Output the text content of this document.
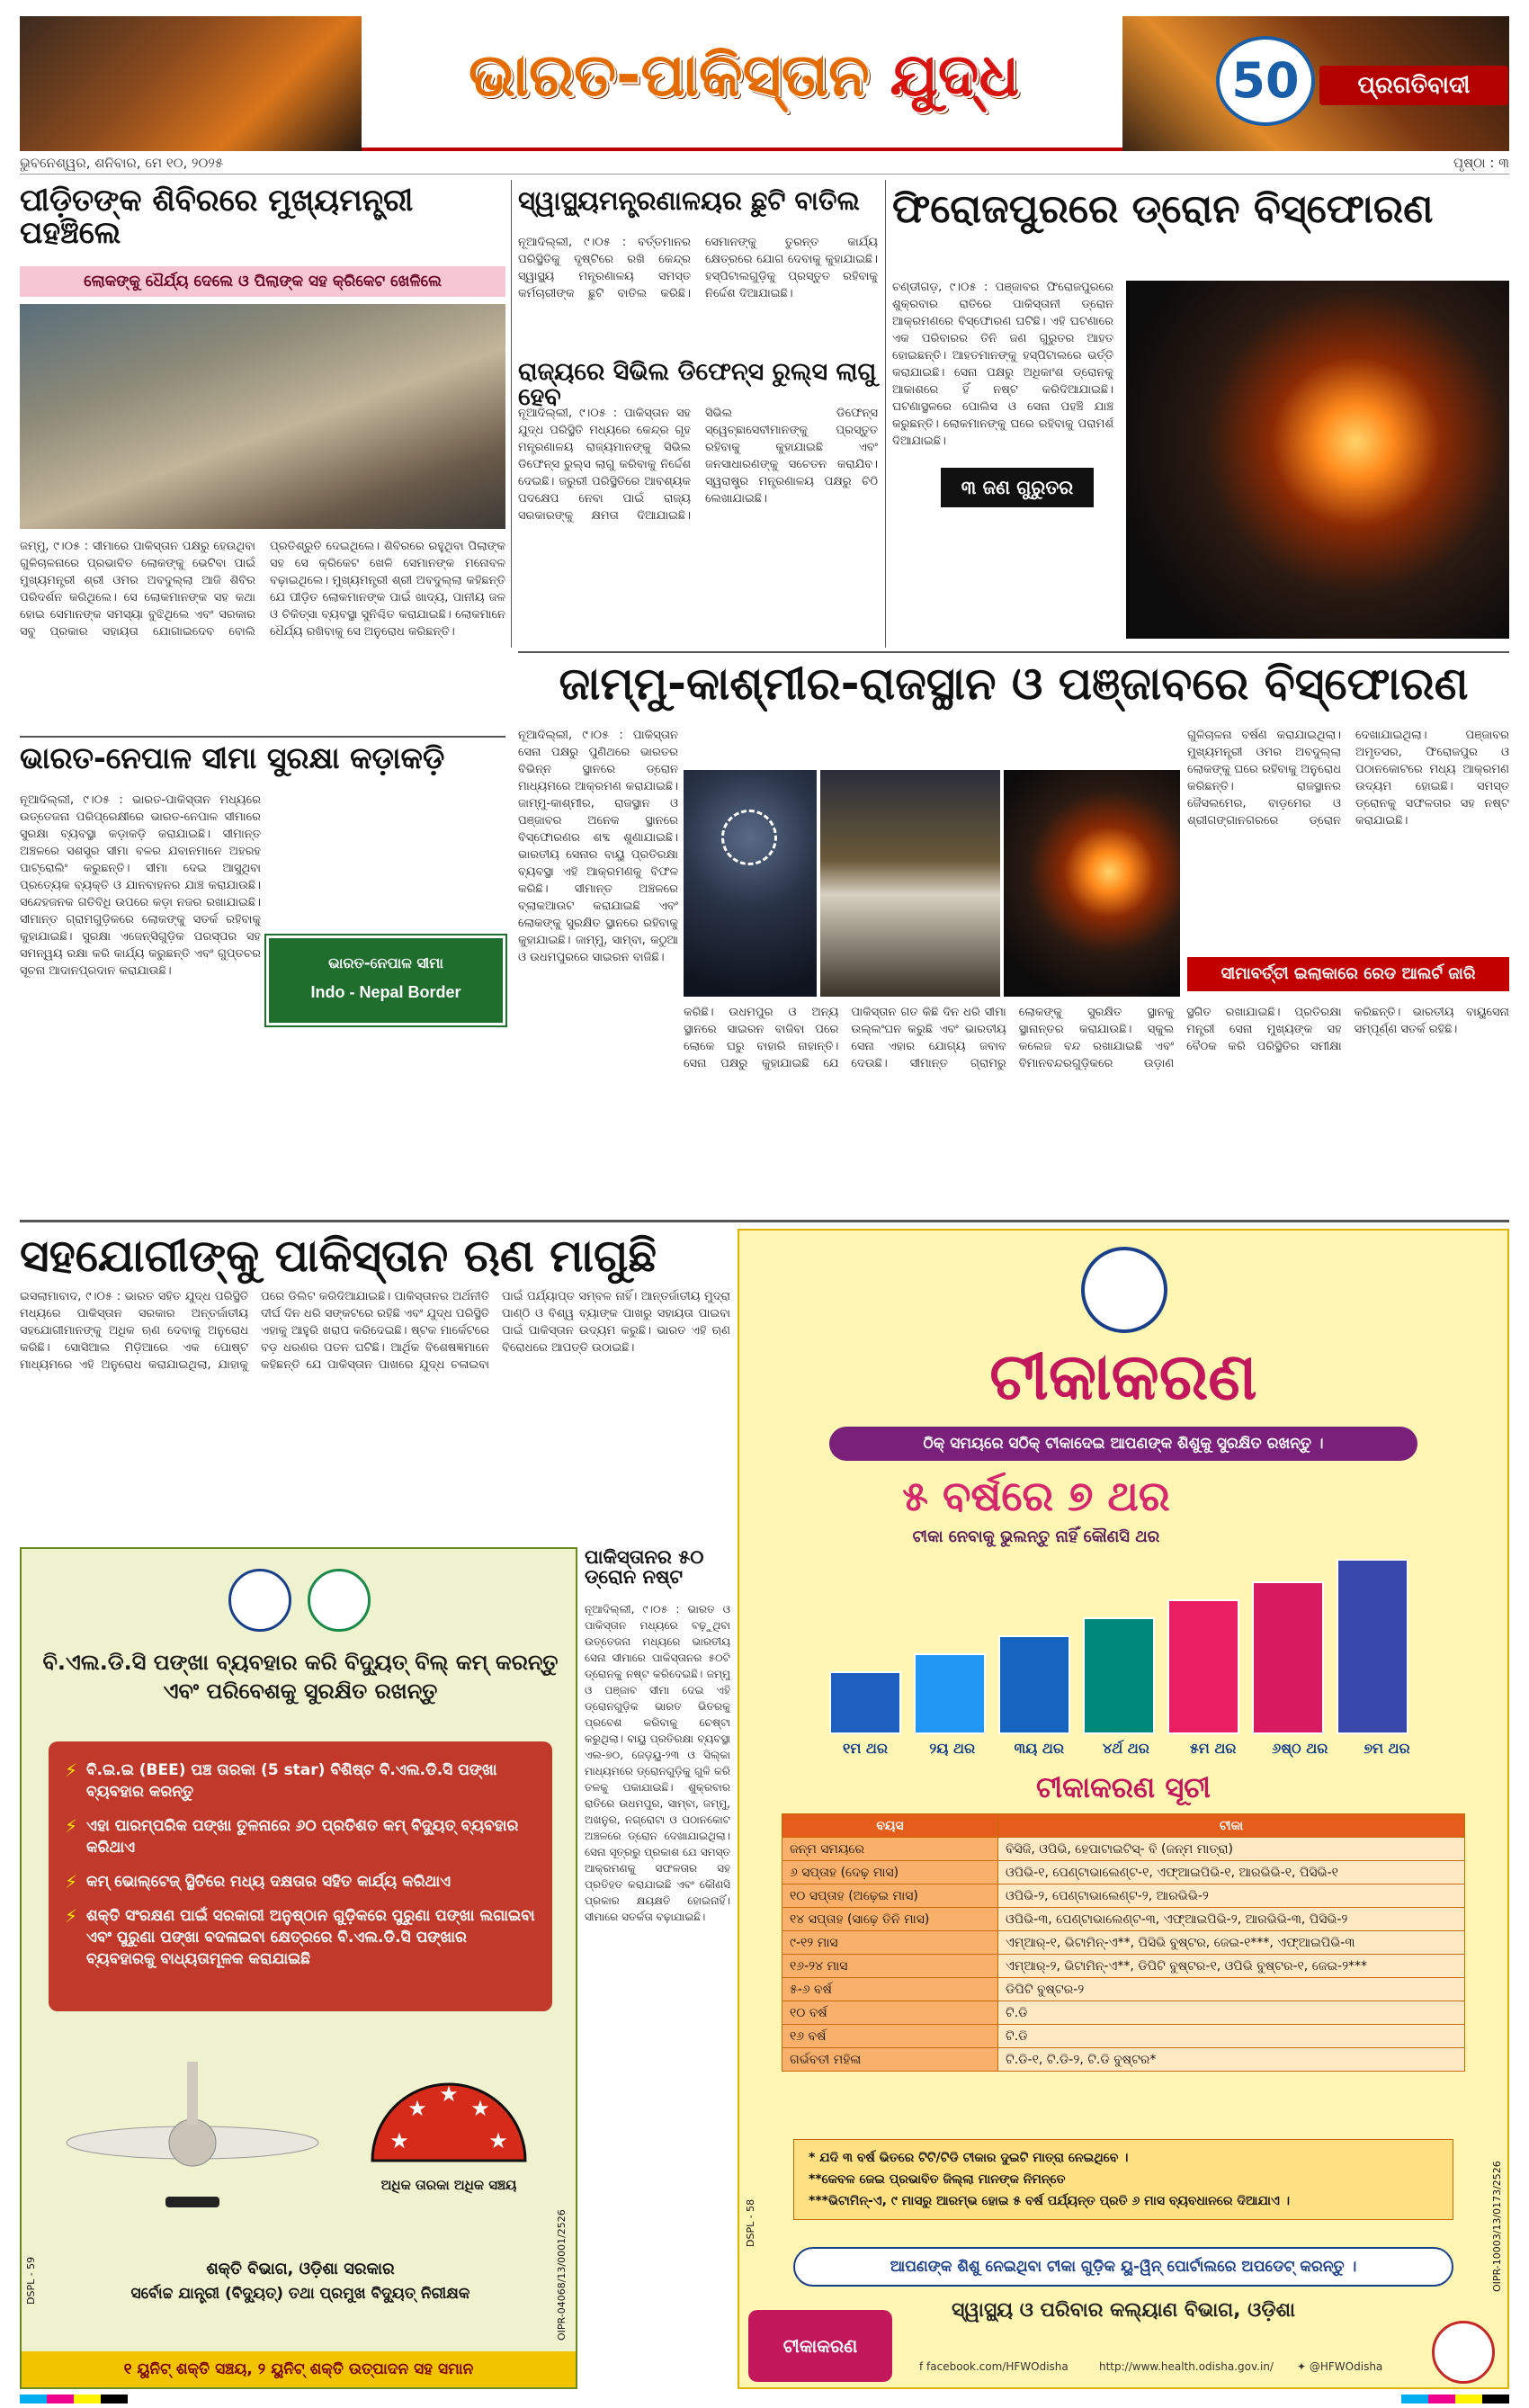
ଭାରତ-ପାକିସ୍ତାନ ଯୁଦ୍ଧ	50	ପ୍ରଗତିବାଦୀ
ଭୁବନେଶ୍ୱର, ଶନିବାର, ମେ ୧୦, ୨୦୨୫	ପୃଷ୍ଠା : ୩
ପୀଡ଼ିତଙ୍କ ଶିବିରରେ ମୁଖ୍ୟମନ୍ତ୍ରୀ ପହଞ୍ଚିଲେ
ଲୋକଙ୍କୁ ଧୈର୍ଯ୍ୟ ଦେଲେ ଓ ପିଲାଙ୍କ ସହ କ୍ରିକେଟ ଖେଳିଲେ
ଜମ୍ମୁ, ୯।୦୫ : ସୀମାରେ ପାକିସ୍ତାନ ପକ୍ଷରୁ ହେଉଥିବା ଗୁଳିଚାଳନାରେ ପ୍ରଭାବିତ ଲୋକଙ୍କୁ ଭେଟିବା ପାଇଁ ମୁଖ୍ୟମନ୍ତ୍ରୀ ଶ୍ରୀ ଓମର ଅବଦୁଲ୍ଲା ଆଜି ଶିବିର ପରିଦର୍ଶନ କରିଥିଲେ। ସେ ଲୋକମାନଙ୍କ ସହ କଥା ହୋଇ ସେମାନଙ୍କ ସମସ୍ୟା ବୁଝିଥିଲେ ଏବଂ ସରକାର ସବୁ ପ୍ରକାର ସହାୟତା ଯୋଗାଇଦେବ ବୋଲି ପ୍ରତିଶ୍ରୁତି ଦେଇଥିଲେ। ଶିବିରରେ ରହୁଥିବା ପିଲାଙ୍କ ସହ ସେ କ୍ରିକେଟ ଖେଳି ସେମାନଙ୍କ ମନୋବଳ ବଢ଼ାଇଥିଲେ। ମୁଖ୍ୟମନ୍ତ୍ରୀ ଶ୍ରୀ ଅବଦୁଲ୍ଲା କହିଛନ୍ତି ଯେ ପୀଡ଼ିତ ଲୋକମାନଙ୍କ ପାଇଁ ଖାଦ୍ୟ, ପାନୀୟ ଜଳ ଓ ଚିକିତ୍ସା ବ୍ୟବସ୍ଥା ସୁନିଶ୍ଚିତ କରାଯାଇଛି। ଲୋକମାନେ ଧୈର୍ଯ୍ୟ ରଖିବାକୁ ସେ ଅନୁରୋଧ କରିଛନ୍ତି।
ଭାରତ-ନେପାଳ ସୀମା ସୁରକ୍ଷା କଡ଼ାକଡ଼ି
ନୂଆଦିଲ୍ଲୀ, ୯।୦୫ : ଭାରତ-ପାକିସ୍ତାନ ମଧ୍ୟରେ ଉତ୍ତେଜନା ପରିପ୍ରେକ୍ଷୀରେ ଭାରତ-ନେପାଳ ସୀମାରେ ସୁରକ୍ଷା ବ୍ୟବସ୍ଥା କଡ଼ାକଡ଼ି କରାଯାଇଛି। ସୀମାନ୍ତ ଅଞ୍ଚଳରେ ସଶସ୍ତ୍ର ସୀମା ବଳର ଯବାନମାନେ ଅହରହ ପାଟ୍ରୋଲିଂ କରୁଛନ୍ତି। ସୀମା ଦେଇ ଆସୁଥିବା ପ୍ରତ୍ୟେକ ବ୍ୟକ୍ତି ଓ ଯାନବାହନର ଯାଞ୍ଚ କରାଯାଉଛି। ସନ୍ଦେହଜନକ ଗତିବିଧି ଉପରେ କଡ଼ା ନଜର ରଖାଯାଇଛି। ସୀମାନ୍ତ ଗ୍ରାମଗୁଡ଼ିକରେ ଲୋକଙ୍କୁ ସତର୍କ ରହିବାକୁ କୁହାଯାଇଛି। ସୁରକ୍ଷା ଏଜେନ୍ସିଗୁଡ଼ିକ ପରସ୍ପର ସହ ସମନ୍ୱୟ ରକ୍ଷା କରି କାର୍ଯ୍ୟ କରୁଛନ୍ତି ଏବଂ ଗୁପ୍ତଚର ସୂଚନା ଆଦାନପ୍ରଦାନ କରାଯାଉଛି।	ଭାରତ-ନେପାଳ ସୀମା
Indo - Nepal Border
ସ୍ୱାସ୍ଥ୍ୟମନ୍ତ୍ରଣାଳୟର ଛୁଟି ବାତିଲ
ନୂଆଦିଲ୍ଲୀ, ୯।୦୫ : ବର୍ତ୍ତମାନର ପରିସ୍ଥିତିକୁ ଦୃଷ୍ଟିରେ ରଖି କେନ୍ଦ୍ର ସ୍ୱାସ୍ଥ୍ୟ ମନ୍ତ୍ରଣାଳୟ ସମସ୍ତ କର୍ମଚାରୀଙ୍କ ଛୁଟି ବାତିଲ କରିଛି। ସେମାନଙ୍କୁ ତୁରନ୍ତ କାର୍ଯ୍ୟ କ୍ଷେତ୍ରରେ ଯୋଗ ଦେବାକୁ କୁହାଯାଇଛି। ହସ୍ପିଟାଲଗୁଡ଼ିକୁ ପ୍ରସ୍ତୁତ ରହିବାକୁ ନିର୍ଦ୍ଦେଶ ଦିଆଯାଇଛି।
ରାଜ୍ୟରେ ସିଭିଲ ଡିଫେନ୍ସ ରୁଲ୍ସ ଲାଗୁ ହେବ
ନୂଆଦିଲ୍ଲୀ, ୯।୦୫ : ପାକିସ୍ତାନ ସହ ଯୁଦ୍ଧ ପରିସ୍ଥିତି ମଧ୍ୟରେ କେନ୍ଦ୍ର ଗୃହ ମନ୍ତ୍ରଣାଳୟ ରାଜ୍ୟମାନଙ୍କୁ ସିଭିଲ ଡିଫେନ୍ସ ରୁଲ୍ସ ଲାଗୁ କରିବାକୁ ନିର୍ଦ୍ଦେଶ ଦେଇଛି। ଜରୁରୀ ପରିସ୍ଥିତିରେ ଆବଶ୍ୟକ ପଦକ୍ଷେପ ନେବା ପାଇଁ ରାଜ୍ୟ ସରକାରଙ୍କୁ କ୍ଷମତା ଦିଆଯାଇଛି। ସିଭିଲ ଡିଫେନ୍ସ ସ୍ୱେଚ୍ଛାସେବୀମାନଙ୍କୁ ପ୍ରସ୍ତୁତ ରହିବାକୁ କୁହାଯାଇଛି ଏବଂ ଜନସାଧାରଣଙ୍କୁ ସଚେତନ କରାଯିବ। ସ୍ୱରାଷ୍ଟ୍ର ମନ୍ତ୍ରଣାଳୟ ପକ୍ଷରୁ ଚିଠି ଲେଖାଯାଇଛି।
ଫିରୋଜପୁରରେ ଡ୍ରୋନ ବିସ୍ଫୋରଣ
ଚଣ୍ଡୀଗଡ଼, ୯।୦୫ : ପଞ୍ଜାବର ଫିରୋଜପୁରରେ ଶୁକ୍ରବାର ରାତିରେ ପାକିସ୍ତାନୀ ଡ୍ରୋନ ଆକ୍ରମଣରେ ବିସ୍ଫୋରଣ ଘଟିଛି। ଏହି ଘଟଣାରେ ଏକ ପରିବାରର ତିନି ଜଣ ଗୁରୁତର ଆହତ ହୋଇଛନ୍ତି। ଆହତମାନଙ୍କୁ ହସ୍ପିଟାଲରେ ଭର୍ତ୍ତି କରାଯାଇଛି। ସେନା ପକ୍ଷରୁ ଅଧିକାଂଶ ଡ୍ରୋନକୁ ଆକାଶରେ ହିଁ ନଷ୍ଟ କରିଦିଆଯାଇଛି। ଘଟଣାସ୍ଥଳରେ ପୋଲିସ ଓ ସେନା ପହଞ୍ଚି ଯାଞ୍ଚ କରୁଛନ୍ତି। ଲୋକମାନଙ୍କୁ ଘରେ ରହିବାକୁ ପରାମର୍ଶ ଦିଆଯାଇଛି।
୩ ଜଣ ଗୁରୁତର
ଜାମ୍ମୁ-କାଶ୍ମୀର-ରାଜସ୍ଥାନ ଓ ପଞ୍ଜାବରେ ବିସ୍ଫୋରଣ
ନୂଆଦିଲ୍ଲୀ, ୯।୦୫ : ପାକିସ୍ତାନ ସେନା ପକ୍ଷରୁ ପୁଣିଥରେ ଭାରତର ବିଭିନ୍ନ ସ୍ଥାନରେ ଡ୍ରୋନ ମାଧ୍ୟମରେ ଆକ୍ରମଣ କରାଯାଇଛି। ଜାମ୍ମୁ-କାଶ୍ମୀର, ରାଜସ୍ଥାନ ଓ ପଞ୍ଜାବର ଅନେକ ସ୍ଥାନରେ ବିସ୍ଫୋରଣର ଶବ୍ଦ ଶୁଣାଯାଇଛି। ଭାରତୀୟ ସେନାର ବାୟୁ ପ୍ରତିରକ୍ଷା ବ୍ୟବସ୍ଥା ଏହି ଆକ୍ରମଣକୁ ବିଫଳ କରିଛି। ସୀମାନ୍ତ ଅଞ୍ଚଳରେ ବ୍ଲାକଆଉଟ କରାଯାଇଛି ଏବଂ ଲୋକଙ୍କୁ ସୁରକ୍ଷିତ ସ୍ଥାନରେ ରହିବାକୁ କୁହାଯାଇଛି। ଜାମ୍ମୁ, ସାମ୍ବା, କଠୁଆ ଓ ଉଧମପୁରରେ ସାଇରନ ବାଜିଛି।
ଗୁଳିଚାଳନା ବର୍ଷଣ କରାଯାଇଥିଲା। ମୁଖ୍ୟମନ୍ତ୍ରୀ ଓମର ଅବଦୁଲ୍ଲା ଲୋକଙ୍କୁ ଘରେ ରହିବାକୁ ଅନୁରୋଧ କରିଛନ୍ତି। ରାଜସ୍ଥାନର ଜୈସଲମେର, ବାଡ଼ମେର ଓ ଶ୍ରୀଗଙ୍ଗାନଗରରେ ଡ୍ରୋନ ଦେଖାଯାଇଥିଲା। ପଞ୍ଜାବର ଅମୃତସର, ଫିରୋଜପୁର ଓ ପଠାନକୋଟରେ ମଧ୍ୟ ଆକ୍ରମଣ ଉଦ୍ୟମ ହୋଇଛି। ସମସ୍ତ ଡ୍ରୋନକୁ ସଫଳତାର ସହ ନଷ୍ଟ କରାଯାଇଛି।
ସୀମାବର୍ତ୍ତୀ ଇଲାକାରେ ରେଡ ଆଲର୍ଟ ଜାରି
କରିଛି। ଉଧମପୁର ଓ ଅନ୍ୟ ସ୍ଥାନରେ ସାଇରନ ବାଜିବା ପରେ ଲୋକେ ଘରୁ ବାହାରି ନାହାନ୍ତି। ସେନା ପକ୍ଷରୁ କୁହାଯାଇଛି ଯେ ପାକିସ୍ତାନ ଗତ କିଛି ଦିନ ଧରି ସୀମା ଉଲ୍ଲଂଘନ କରୁଛି ଏବଂ ଭାରତୀୟ ସେନା ଏହାର ଯୋଗ୍ୟ ଜବାବ ଦେଉଛି। ସୀମାନ୍ତ ଗ୍ରାମରୁ ଲୋକଙ୍କୁ ସୁରକ୍ଷିତ ସ୍ଥାନକୁ ସ୍ଥାନାନ୍ତର କରାଯାଉଛି। ସ୍କୁଲ କଲେଜ ବନ୍ଦ ରଖାଯାଇଛି ଏବଂ ବିମାନବନ୍ଦରଗୁଡ଼ିକରେ ଉଡ଼ାଣ ସ୍ଥଗିତ ରଖାଯାଇଛି। ପ୍ରତିରକ୍ଷା ମନ୍ତ୍ରୀ ସେନା ମୁଖ୍ୟଙ୍କ ସହ ବୈଠକ କରି ପରିସ୍ଥିତିର ସମୀକ୍ଷା କରିଛନ୍ତି। ଭାରତୀୟ ବାୟୁସେନା ସମ୍ପୂର୍ଣ୍ଣ ସତର୍କ ରହିଛି।
ସହଯୋଗୀଙ୍କୁ ପାକିସ୍ତାନ ଋଣ ମାଗୁଛି
ଇସଲାମାବାଦ, ୯।୦୫ : ଭାରତ ସହିତ ଯୁଦ୍ଧ ପରିସ୍ଥିତି ମଧ୍ୟରେ ପାକିସ୍ତାନ ସରକାର ଅନ୍ତର୍ଜାତୀୟ ସହଯୋଗୀମାନଙ୍କୁ ଅଧିକ ଋଣ ଦେବାକୁ ଅନୁରୋଧ କରିଛି। ସୋସିଆଲ ମିଡ଼ିଆରେ ଏକ ପୋଷ୍ଟ ମାଧ୍ୟମରେ ଏହି ଅନୁରୋଧ କରାଯାଇଥିଲା, ଯାହାକୁ ପରେ ଡିଲିଟ କରିଦିଆଯାଇଛି। ପାକିସ୍ତାନର ଅର୍ଥନୀତି ଦୀର୍ଘ ଦିନ ଧରି ସଙ୍କଟରେ ରହିଛି ଏବଂ ଯୁଦ୍ଧ ପରିସ୍ଥିତି ଏହାକୁ ଆହୁରି ଖରାପ କରିଦେଇଛି। ଷ୍ଟକ ମାର୍କେଟରେ ବଡ଼ ଧରଣର ପତନ ଘଟିଛି। ଆର୍ଥିକ ବିଶେଷଜ୍ଞମାନେ କହିଛନ୍ତି ଯେ ପାକିସ୍ତାନ ପାଖରେ ଯୁଦ୍ଧ ଚଳାଇବା ପାଇଁ ପର୍ଯ୍ୟାପ୍ତ ସମ୍ବଳ ନାହିଁ। ଆନ୍ତର୍ଜାତୀୟ ମୁଦ୍ରା ପାଣ୍ଠି ଓ ବିଶ୍ୱ ବ୍ୟାଙ୍କ ପାଖରୁ ସହାୟତା ପାଇବା ପାଇଁ ପାକିସ୍ତାନ ଉଦ୍ୟମ କରୁଛି। ଭାରତ ଏହି ଋଣ ବିରୋଧରେ ଆପତ୍ତି ଉଠାଇଛି।
ପାକିସ୍ତାନର ୫୦ ଡ୍ରୋନ ନଷ୍ଟ
ନୂଆଦିଲ୍ଲୀ, ୯।୦୫ : ଭାରତ ଓ ପାକିସ୍ତାନ ମଧ୍ୟରେ ବଢ଼ୁଥିବା ଉତ୍ତେଜନା ମଧ୍ୟରେ ଭାରତୀୟ ସେନା ସୀମାରେ ପାକିସ୍ତାନର ୫୦ଟି ଡ୍ରୋନକୁ ନଷ୍ଟ କରିଦେଇଛି। ଜମ୍ମୁ ଓ ପଞ୍ଜାବ ସୀମା ଦେଇ ଏହି ଡ୍ରୋନଗୁଡ଼ିକ ଭାରତ ଭିତରକୁ ପ୍ରବେଶ କରିବାକୁ ଚେଷ୍ଟା କରୁଥିଲା। ବାୟୁ ପ୍ରତିରକ୍ଷା ବ୍ୟବସ୍ଥା ଏଲ-୭୦, ଜେଡ଼ୟୁ-୨୩ ଓ ସିଲ୍କା ମାଧ୍ୟମରେ ଡ୍ରୋନଗୁଡ଼ିକୁ ଗୁଳି କରି ତଳକୁ ପକାଯାଇଛି। ଶୁକ୍ରବାର ରାତିରେ ଉଧମପୁର, ସାମ୍ବା, ଜମ୍ମୁ, ଅଖନୁର, ନଗ୍ରୋଟା ଓ ପଠାନକୋଟ ଅଞ୍ଚଳରେ ଡ୍ରୋନ ଦେଖାଯାଇଥିଲା। ସେନା ସୂତ୍ରରୁ ପ୍ରକାଶ ଯେ ସମସ୍ତ ଆକ୍ରମଣକୁ ସଫଳତାର ସହ ପ୍ରତିହତ କରାଯାଇଛି ଏବଂ କୌଣସି ପ୍ରକାର କ୍ଷୟକ୍ଷତି ହୋଇନାହିଁ। ସୀମାରେ ସତର୍କତା ବଢ଼ାଯାଇଛି।
ବି.ଏଲ.ଡି.ସି ପଙ୍ଖା ବ୍ୟବହାର କରି ବିଦ୍ୟୁତ୍ ବିଲ୍ କମ୍ କରନ୍ତୁ ଏବଂ ପରିବେଶକୁ ସୁରକ୍ଷିତ ରଖନ୍ତୁ
⚡ ବି.ଇ.ଇ (BEE) ପଞ୍ଚ ତାରକା (5 star) ବିଶିଷ୍ଟ ବି.ଏଲ.ଡି.ସି ପଙ୍ଖା ବ୍ୟବହାର କରନ୍ତୁ
⚡ ଏହା ପାରମ୍ପରିକ ପଙ୍ଖା ତୁଳନାରେ ୬୦ ପ୍ରତିଶତ କମ୍ ବିଦ୍ୟୁତ୍ ବ୍ୟବହାର କରିଥାଏ
⚡ କମ୍ ଭୋଲ୍ଟେଜ୍ ସ୍ଥିତିରେ ମଧ୍ୟ ଦକ୍ଷତାର ସହିତ କାର୍ଯ୍ୟ କରିଥାଏ
⚡ ଶକ୍ତି ସଂରକ୍ଷଣ ପାଇଁ ସରକାରୀ ଅନୁଷ୍ଠାନ ଗୁଡ଼ିକରେ ପୁରୁଣା ପଙ୍ଖା ଲଗାଇବା ଏବଂ ପୁରୁଣା ପଙ୍ଖା ବଦଳାଇବା କ୍ଷେତ୍ରରେ ବି.ଏଲ.ଡି.ସି ପଙ୍ଖାର ବ୍ୟବହାରକୁ ବାଧ୍ୟତାମୂଳକ କରାଯାଇଛି
★
★
★
★
★
ଅଧିକ ତାରକା ଅଧିକ ସଞ୍ଚୟ
ଶକ୍ତି ବିଭାଗ, ଓଡ଼ିଶା ସରକାର
ସର୍ବୋଚ୍ଚ ଯାନ୍ତ୍ରୀ (ବିଦ୍ୟୁତ୍) ତଥା ପ୍ରମୁଖ ବିଦ୍ୟୁତ୍ ନିରୀକ୍ଷକ
୧ ୟୁନିଟ୍ ଶକ୍ତି ସଞ୍ଚୟ, ୨ ୟୁନିଟ୍ ଶକ୍ତି ଉତ୍ପାଦନ ସହ ସମାନ
DSPL - 59	OIPR-04068/13/0001/2526
ଟୀକାକରଣ
ଠିକ୍ ସମୟରେ ସଠିକ୍ ଟୀକାଦେଇ ଆପଣଙ୍କ ଶିଶୁକୁ ସୁରକ୍ଷିତ ରଖନ୍ତୁ ।
୫ ବର୍ଷରେ ୭ ଥର
ଟୀକା ନେବାକୁ ଭୁଲନ୍ତୁ ନାହିଁ କୌଣସି ଥର
୧ମ ଥର	୨ୟ ଥର	୩ୟ ଥର	୪ର୍ଥ ଥର	୫ମ ଥର	୬ଷ୍ଠ ଥର	୭ମ ଥର
ଟୀକାକରଣ ସୂଚୀ
ବୟସ	ଟୀକା
ଜନ୍ମ ସମୟରେ	ବିସିଜି, ଓପିଭି, ହେପାଟାଇଟିସ୍- ବି (ଜନ୍ମ ମାତ୍ରା)
୬ ସପ୍ତାହ (ଦେଢ଼ ମାସ)	ଓପିଭି-୧, ପେଣ୍ଟାଭାଲେଣ୍ଟ-୧, ଏଫ୍ଆଇପିଭି-୧, ଆରଭିଭି-୧, ପିସିଭି-୧
୧୦ ସପ୍ତାହ (ଅଢ଼େଇ ମାସ)	ଓପିଭି-୨, ପେଣ୍ଟାଭାଲେଣ୍ଟ-୨, ଆରଭିଭି-୨
୧୪ ସପ୍ତାହ (ସାଢ଼େ ତିନି ମାସ)	ଓପିଭି-୩, ପେଣ୍ଟାଭାଲେଣ୍ଟ-୩, ଏଫ୍ଆଇପିଭି-୨, ଆରଭିଭି-୩, ପିସିଭି-୨
୯-୧୨ ମାସ	ଏମ୍ଆର୍-୧, ଭିଟାମିନ୍-ଏ**, ପିସିଭି ବୁଷ୍ଟର, ଜେଇ-୧***, ଏଫ୍ଆଇପିଭି-୩
୧୬-୨୪ ମାସ	ଏମ୍ଆର୍-୨, ଭିଟାମିନ୍-ଏ**, ଡିପିଟି ବୁଷ୍ଟର-୧, ଓପିଭି ବୁଷ୍ଟର-୧, ଜେଇ-୨***
୫-୬ ବର୍ଷ	ଡିପିଟି ବୁଷ୍ଟର-୨
୧୦ ବର୍ଷ	ଟି.ଡି
୧୬ ବର୍ଷ	ଟି.ଡି
ଗର୍ଭବତୀ ମହିଳା	ଟି.ଡି-୧, ଟି.ଡି-୨, ଟି.ଡି ବୁଷ୍ଟର*
* ଯଦି ୩ ବର୍ଷ ଭିତରେ ଟିଟି/ଟିଡି ଟୀକାର ଦୁଇଟି ମାତ୍ରା ନେଇଥିବେ ।
**କେବଳ ଜେଇ ପ୍ରଭାବିତ ଜିଲ୍ଲା ମାନଙ୍କ ନିମନ୍ତେ
***ଭିଟାମିନ୍-ଏ, ୯ ମାସରୁ ଆରମ୍ଭ ହୋଇ ୫ ବର୍ଷ ପର୍ଯ୍ୟନ୍ତ ପ୍ରତି ୬ ମାସ ବ୍ୟବଧାନରେ ଦିଆଯାଏ ।
ଆପଣଙ୍କ ଶିଶୁ ନେଇଥିବା ଟୀକା ଗୁଡ଼ିକ ୟୁ-ୱିନ୍ ପୋର୍ଟାଲରେ ଅପଡେଟ୍ କରନ୍ତୁ ।
ସ୍ୱାସ୍ଥ୍ୟ ଓ ପରିବାର କଲ୍ୟାଣ ବିଭାଗ, ଓଡ଼ିଶା
ଟୀକାକରଣ
f facebook.com/HFWOdisha	http://www.health.odisha.gov.in/ ✦ @HFWOdisha
DSPL - 58	OIPR-10003/13/0173/2526
